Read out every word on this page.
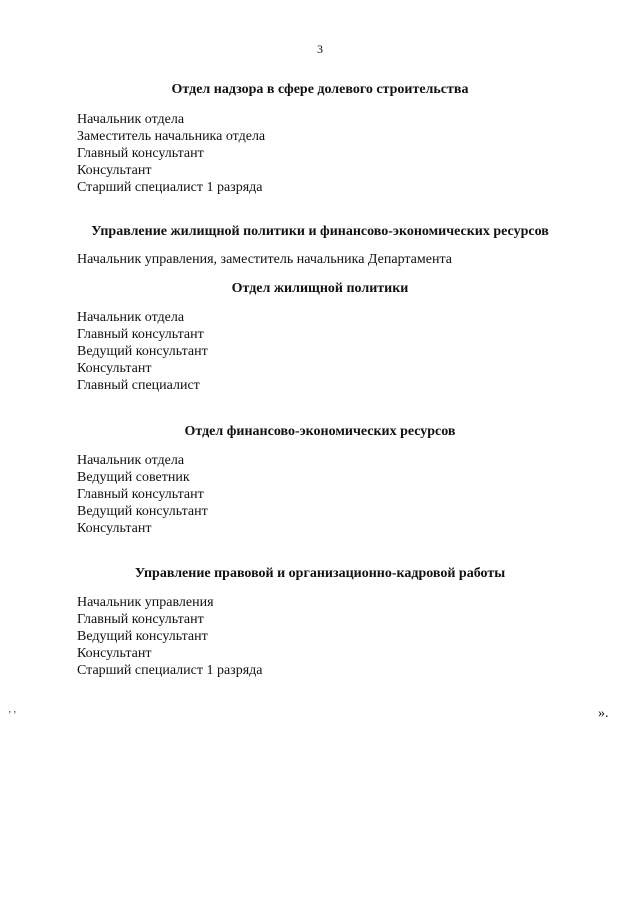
3
Отдел надзора в сфере долевого строительства
Начальник отдела
Заместитель начальника отдела
Главный консультант
Консультант
Старший специалист 1 разряда
Управление жилищной политики и финансово-экономических ресурсов
Начальник управления, заместитель начальника Департамента
Отдел жилищной политики
Начальник отдела
Главный консультант
Ведущий консультант
Консультант
Главный специалист
Отдел финансово-экономических ресурсов
Начальник отдела
Ведущий советник
Главный консультант
Ведущий консультант
Консультант
Управление правовой и организационно-кадровой работы
Начальник управления
Главный консультант
Ведущий консультант
Консультант
Старший специалист 1 разряда
’ ’	».
